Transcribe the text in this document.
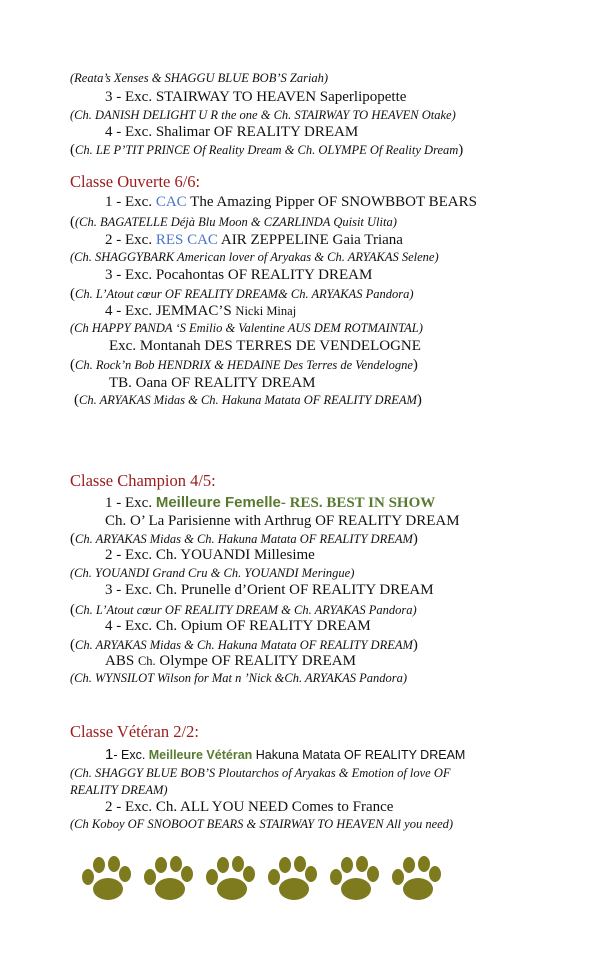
(Reata’s Xenses & SHAGGU BLUE BOB’S Zariah)
3 - Exc. STAIRWAY TO HEAVEN Saperlipopette
(Ch. DANISH DELIGHT U R the one & Ch. STAIRWAY TO HEAVEN Otake)
4 - Exc. Shalimar OF REALITY DREAM
(Ch. LE P’TIT PRINCE Of Reality Dream & Ch. OLYMPE Of Reality Dream)
Classe Ouverte 6/6:
1 - Exc. CAC The Amazing Pipper OF SNOWBBOT BEARS
((Ch. BAGATELLE Déjà Blu Moon & CZARLINDA Quisit Ulita)
2 - Exc. RES CAC AIR ZEPPELINE Gaia Triana
(Ch. SHAGGYBARK American lover of Aryakas & Ch. ARYAKAS Selene)
3 - Exc. Pocahontas OF REALITY DREAM
(Ch. L’Atout cœur OF REALITY DREAM& Ch. ARYAKAS Pandora)
4 - Exc. JEMMAC’S Nicki Minaj
(Ch HAPPY PANDA ‘S Emilio & Valentine AUS DEM ROTMAINTAL)
Exc. Montanah DES TERRES DE VENDELOGNE
(Ch. Rock’n Bob HENDRIX & HEDAINE Des Terres de Vendelogne)
TB. Oana OF REALITY DREAM
(Ch. ARYAKAS Midas & Ch. Hakuna Matata OF REALITY DREAM)
Classe Champion 4/5:
1 - Exc. Meilleure Femelle- RES. BEST IN SHOW
Ch. O’ La Parisienne with Arthrug OF REALITY DREAM
(Ch. ARYAKAS Midas & Ch. Hakuna Matata OF REALITY DREAM)
2 - Exc. Ch. YOUANDI Millesime
(Ch. YOUANDI Grand Cru & Ch. YOUANDI Meringue)
3 - Exc. Ch. Prunelle d’Orient OF REALITY DREAM
(Ch. L’Atout cœur OF REALITY DREAM & Ch. ARYAKAS Pandora)
4 - Exc. Ch. Opium OF REALITY DREAM
(Ch. ARYAKAS Midas & Ch. Hakuna Matata OF REALITY DREAM)
ABS Ch. Olympe OF REALITY DREAM
(Ch. WYNSILOT Wilson for Mat n ’Nick &Ch. ARYAKAS Pandora)
Classe Vétéran 2/2:
1- Exc. Meilleure Vétéran Hakuna Matata OF REALITY DREAM
(Ch. SHAGGY BLUE BOB’S Ploutarchos of Aryakas & Emotion of love OF
REALITY DREAM)
2 - Exc. Ch. ALL YOU NEED Comes to France
(Ch Koboy OF SNOBOOT BEARS & STAIRWAY TO HEAVEN All you need)
